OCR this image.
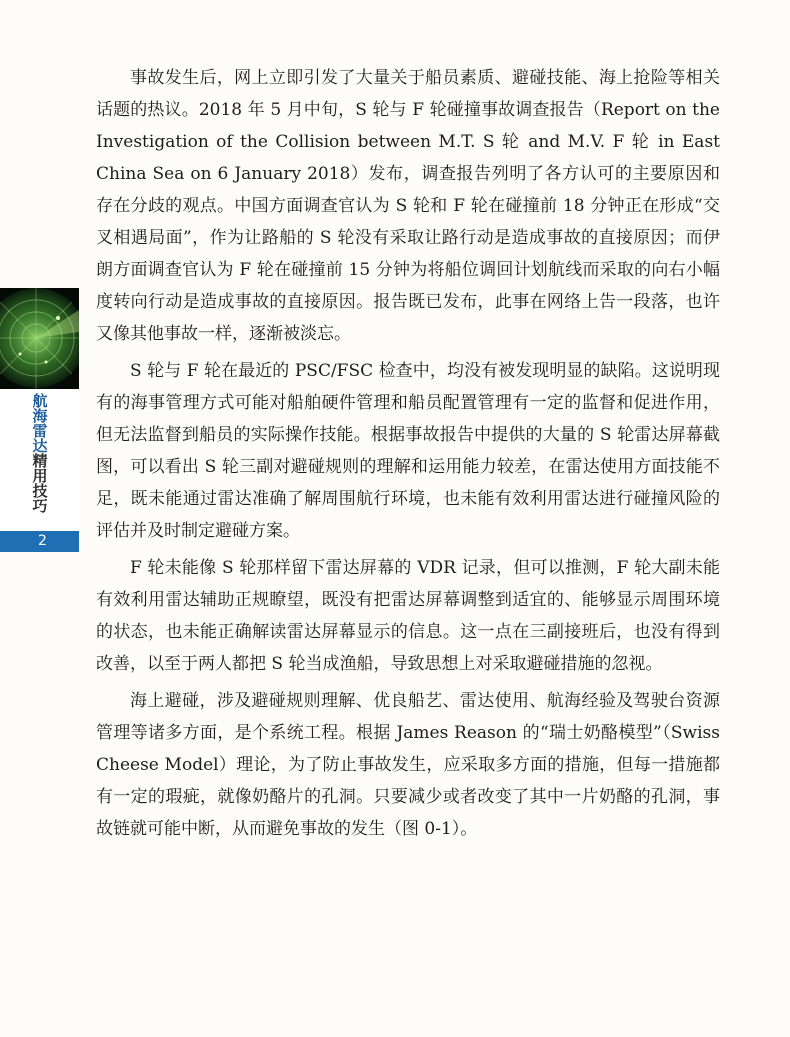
航海雷达
精用技巧
2

事故发生后，网上立即引发了大量关于船员素质、避碰技能、海上抢险等相关话题的热议。2018 年 5 月中旬，S 轮与 F 轮碰撞事故调查报告（Report on the Investigation of the Collision between M.T. S 轮 and M.V. F 轮 in East China Sea on 6 January 2018）发布，调查报告列明了各方认可的主要原因和存在分歧的观点。中国方面调查官认为 S 轮和 F 轮在碰撞前 18 分钟正在形成“交叉相遇局面”，作为让路船的 S 轮没有采取让路行动是造成事故的直接原因；而伊朗方面调查官认为 F 轮在碰撞前 15 分钟为将船位调回计划航线而采取的向右小幅度转向行动是造成事故的直接原因。报告既已发布，此事在网络上告一段落，也许又像其他事故一样，逐渐被淡忘。

S 轮与 F 轮在最近的 PSC/FSC 检查中，均没有被发现明显的缺陷。这说明现有的海事管理方式可能对船舶硬件管理和船员配置管理有一定的监督和促进作用，但无法监督到船员的实际操作技能。根据事故报告中提供的大量的 S 轮雷达屏幕截图，可以看出 S 轮三副对避碰规则的理解和运用能力较差，在雷达使用方面技能不足，既未能通过雷达准确了解周围航行环境，也未能有效利用雷达进行碰撞风险的评估并及时制定避碰方案。

F 轮未能像 S 轮那样留下雷达屏幕的 VDR 记录，但可以推测，F 轮大副未能有效利用雷达辅助正规瞭望，既没有把雷达屏幕调整到适宜的、能够显示周围环境的状态，也未能正确解读雷达屏幕显示的信息。这一点在三副接班后，也没有得到改善，以至于两人都把 S 轮当成渔船，导致思想上对采取避碰措施的忽视。

海上避碰，涉及避碰规则理解、优良船艺、雷达使用、航海经验及驾驶台资源管理等诸多方面，是个系统工程。根据 James Reason 的“瑞士奶酪模型”（Swiss Cheese Model）理论，为了防止事故发生，应采取多方面的措施，但每一措施都有一定的瑕疵，就像奶酪片的孔洞。只要减少或者改变了其中一片奶酪的孔洞，事故链就可能中断，从而避免事故的发生（图 0-1）。
